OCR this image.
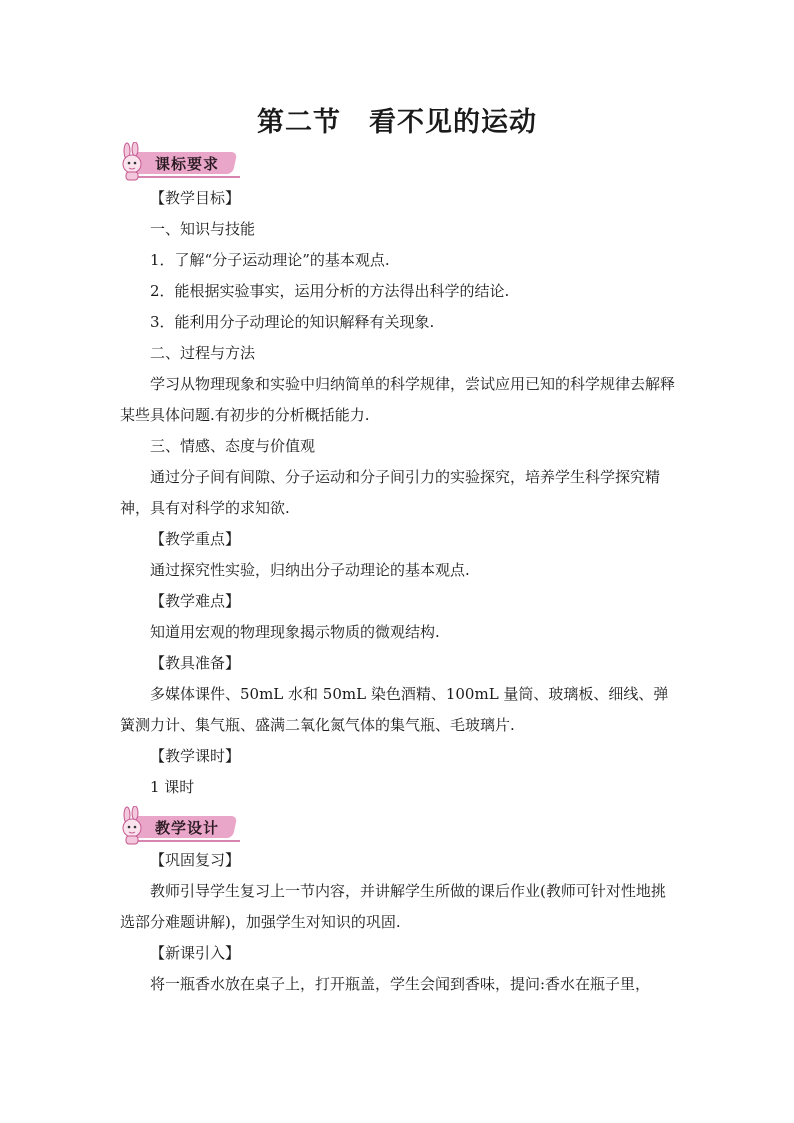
第二节　看不见的运动
课标要求
【教学目标】
一、知识与技能
1．了解“分子运动理论”的基本观点.
2．能根据实验事实，运用分析的方法得出科学的结论.
3．能利用分子动理论的知识解释有关现象.
二、过程与方法
学习从物理现象和实验中归纳简单的科学规律，尝试应用已知的科学规律去解释某些具体问题.有初步的分析概括能力.
三、情感、态度与价值观
通过分子间有间隙、分子运动和分子间引力的实验探究，培养学生科学探究精神，具有对科学的求知欲.
【教学重点】
通过探究性实验，归纳出分子动理论的基本观点.
【教学难点】
知道用宏观的物理现象揭示物质的微观结构.
【教具准备】
多媒体课件、50mL 水和 50mL 染色酒精、100mL 量筒、玻璃板、细线、弹簧测力计、集气瓶、盛满二氧化氮气体的集气瓶、毛玻璃片.
【教学课时】
1 课时
教学设计
【巩固复习】
教师引导学生复习上一节内容，并讲解学生所做的课后作业(教师可针对性地挑选部分难题讲解)，加强学生对知识的巩固.
【新课引入】
将一瓶香水放在桌子上，打开瓶盖，学生会闻到香味，提问:香水在瓶子里，
